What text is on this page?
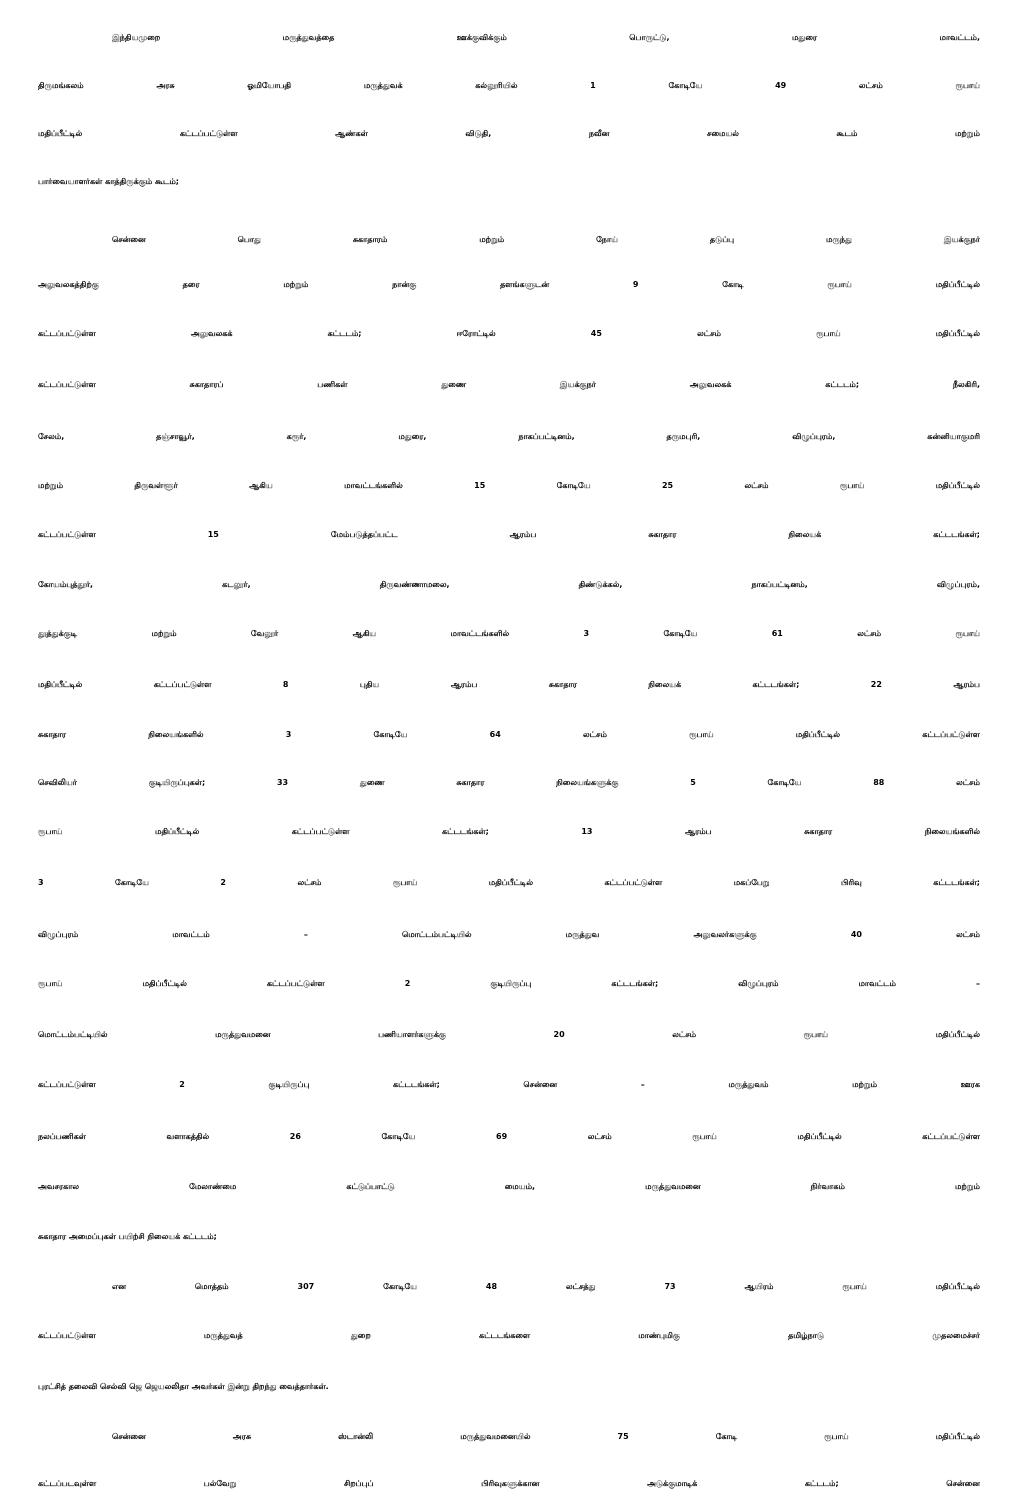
இந்தியமுறை மருத்துவத்தை ஊக்குவிக்கும் பொருட்டு, மதுரை மாவட்டம்,
திருமங்கலம் அரசு ஓமியோபதி மருத்துவக் கல்லூரியில் 1 கோடியே 49 லட்சம் ரூபாய்
மதிப்பீட்டில் கட்டப்பட்டுள்ள ஆண்கள் விடுதி, நவீன சமையல் கூடம் மற்றும்
பார்வையாளர்கள் காத்திருக்கும் கூடம்;
சென்னை பொது சுகாதாரம் மற்றும் நோய் தடுப்பு மருந்து இயக்குநர்
அலுவலகத்திற்கு தரை மற்றும் நான்கு தளங்களுடன் 9 கோடி ரூபாய் மதிப்பீட்டில்
கட்டப்பட்டுள்ள அலுவலகக் கட்டடம்; ஈரோட்டில் 45 லட்சம் ரூபாய் மதிப்பீட்டில்
கட்டப்பட்டுள்ள சுகாதாரப் பணிகள் துணை இயக்குநர் அலுவலகக் கட்டடம்; நீலகிரி,
சேலம், தஞ்சாவூர், கரூர், மதுரை, நாகப்பட்டினம், தருமபுரி, விழுப்புரம், கன்னியாகுமரி
மற்றும் திருவள்ளூர் ஆகிய மாவட்டங்களில் 15 கோடியே 25 லட்சம் ரூபாய் மதிப்பீட்டில்
கட்டப்பட்டுள்ள 15 மேம்படுத்தப்பட்ட ஆரம்ப சுகாதார நிலையக் கட்டடங்கள்;
கோயம்புத்தூர், கடலூர், திருவண்ணாமலை, திண்டுக்கல், நாகப்பட்டினம், விழுப்புரம்,
தூத்துக்குடி மற்றும் வேலூர் ஆகிய மாவட்டங்களில் 3 கோடியே 61 லட்சம் ரூபாய்
மதிப்பீட்டில் கட்டப்பட்டுள்ள 8 புதிய ஆரம்ப சுகாதார நிலையக் கட்டடங்கள்; 22 ஆரம்ப
சுகாதார நிலையங்களில் 3 கோடியே 64 லட்சம் ரூபாய் மதிப்பீட்டில் கட்டப்பட்டுள்ள
செவிலியர் குடியிருப்புகள்; 33 துணை சுகாதார நிலையங்களுக்கு 5 கோடியே 88 லட்சம்
ரூபாய் மதிப்பீட்டில் கட்டப்பட்டுள்ள கட்டடங்கள்; 13 ஆரம்ப சுகாதார நிலையங்களில்
3 கோடியே 2 லட்சம் ரூபாய் மதிப்பீட்டில் கட்டப்பட்டுள்ள மகப்பேறு பிரிவு கட்டடங்கள்;
விழுப்புரம் மாவட்டம் – மொட்டம்பட்டியில் மருத்துவ அலுவலர்களுக்கு 40 லட்சம்
ரூபாய் மதிப்பீட்டில் கட்டப்பட்டுள்ள 2 குடியிருப்பு கட்டடங்கள்; விழுப்புரம் மாவட்டம் –
மொட்டம்பட்டியில் மருத்துவமனை பணியாளர்களுக்கு 20 லட்சம் ரூபாய் மதிப்பீட்டில்
கட்டப்பட்டுள்ள 2 குடியிருப்பு கட்டடங்கள்; சென்னை – மருத்துவம் மற்றும் ஊரக
நலப்பணிகள் வளாகத்தில் 26 கோடியே 69 லட்சம் ரூபாய் மதிப்பீட்டில் கட்டப்பட்டுள்ள
அவசரகால மேலாண்மை கட்டுப்பாட்டு மையம், மருத்துவமனை நிர்வாகம் மற்றும்
சுகாதார அமைப்புகள் பயிற்சி நிலையக் கட்டடம்;
என மொத்தம் 307 கோடியே 48 லட்சத்து 73 ஆயிரம் ரூபாய் மதிப்பீட்டில்
கட்டப்பட்டுள்ள மருத்துவத் துறை கட்டடங்களை மாண்புமிகு தமிழ்நாடு முதலமைச்சர்
புரட்சித் தலைவி செல்வி ஜெ ஜெயலலிதா அவர்கள் இன்று திறந்து வைத்தார்கள்.
சென்னை அரசு ஸ்டான்லி மருத்துவமனையில் 75 கோடி ரூபாய் மதிப்பீட்டில்
கட்டப்படவுள்ள பல்வேறு சிறப்புப் பிரிவுகளுக்கான அடுக்குமாடிக் கட்டடம்; சென்னை
